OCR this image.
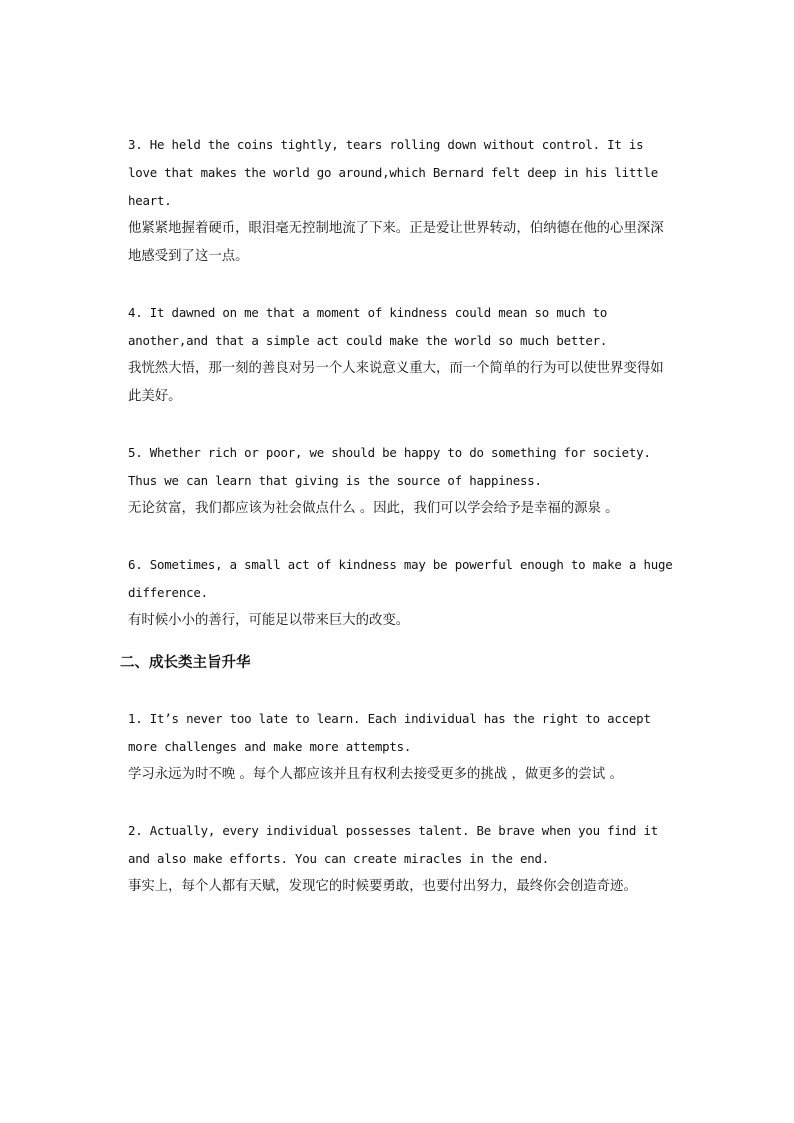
3. He held the coins tightly, tears rolling down without control. It is love that makes the world go around,which Bernard felt deep in his little heart.

他紧紧地握着硬币，眼泪毫无控制地流了下来。正是爱让世界转动，伯纳德在他的心里深深地感受到了这一点。

4. It dawned on me that a moment of kindness could mean so much to another,and that a simple act could make the world so much better.

我恍然大悟，那一刻的善良对另一个人来说意义重大，而一个简单的行为可以使世界变得如此美好。

5. Whether rich or poor, we should be happy to do something for society. Thus we can learn that giving is the source of happiness.

无论贫富，我们都应该为社会做点什么 。因此，我们可以学会给予是幸福的源泉 。

6. Sometimes, a small act of kindness may be powerful enough to make a huge difference.

有时候小小的善行，可能足以带来巨大的改变。

二、成长类主旨升华

1. It’s never too late to learn. Each individual has the right to accept more challenges and make more attempts.

学习永远为时不晚 。每个人都应该并且有权利去接受更多的挑战 ，做更多的尝试 。

2. Actually, every individual possesses talent. Be brave when you find it and also make efforts. You can create miracles in the end.

事实上，每个人都有天赋，发现它的时候要勇敢，也要付出努力，最终你会创造奇迹。
